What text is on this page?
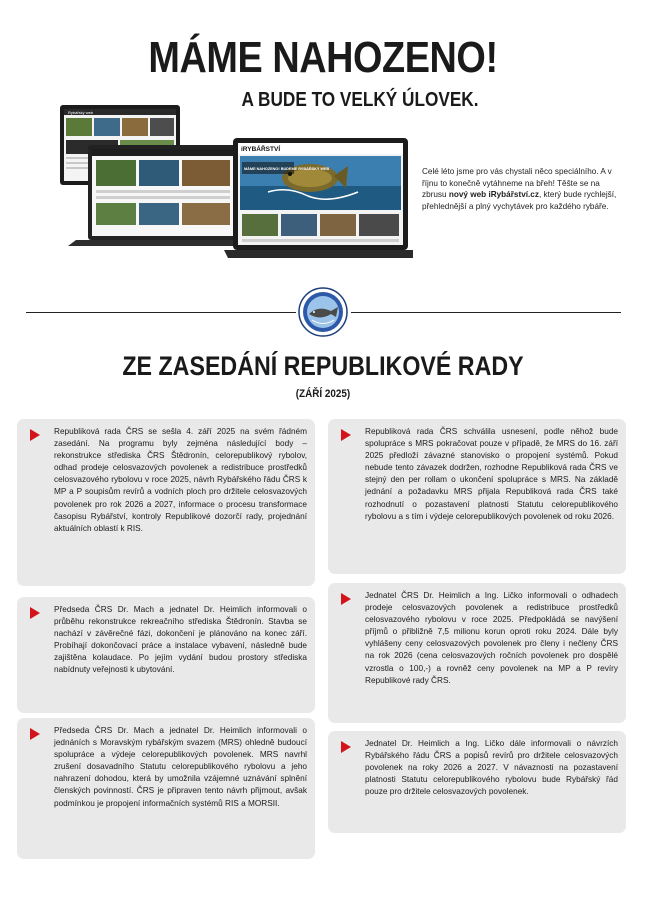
MÁME NAHOZENO!
A BUDE TO VELKÝ ÚLOVEK.
Rybářský web
iRYBÁŘSTVÍ
MÁME NAHOZENO! BUDEME RYBÁŘSKÝ WEB	Celé léto jsme pro vás chystali něco speciálního. A v říjnu to konečně vytáhneme na břeh! Těšte se na zbrusu nový web iRybářství.cz, který bude rychlejší, přehlednější a plný vychytávek pro každého rybáře.

ZE ZASEDÁNÍ REPUBLIKOVÉ RADY

(ZÁŘÍ 2025)

Republiková rada ČRS se sešla 4. září 2025 na svém řádném zasedání. Na programu byly zejména následující body – rekonstrukce střediska ČRS Štědronín, celorepublikový rybolov, odhad prodeje celosvazových povolenek a redistribuce prostředků celosvazového rybolovu v roce 2025, návrh Rybářského řádu ČRS k MP a P soupisům revírů a vodních ploch pro držitele celosvazových povolenek pro rok 2026 a 2027, informace o procesu transformace časopisu Rybářství, kontroly Republikové dozorčí rady, projednání aktuálních oblastí k RIS.

Předseda ČRS Dr. Mach a jednatel Dr. Heimlich informovali o průběhu rekonstrukce rekreačního střediska Štědronín. Stavba se nachází v závěrečné fázi, dokončení je plánováno na konec září. Probíhají dokončovací práce a instalace vybavení, následně bude zajištěna kolaudace. Po jejím vydání budou prostory střediska nabídnuty veřejnosti k ubytování.

Předseda ČRS Dr. Mach a jednatel Dr. Heimlich informovali o jednáních s Moravským rybářským svazem (MRS) ohledně budoucí spolupráce a výdeje celorepublikových povolenek. MRS navrhl zrušení dosavadního Statutu celorepublikového rybolovu a jeho nahrazení dohodou, která by umožnila vzájemné uznávání splnění členských povinností. ČRS je připraven tento návrh přijmout, avšak podmínkou je propojení informačních systémů RIS a MORSII.

Republiková rada ČRS schválila usnesení, podle něhož bude spolupráce s MRS pokračovat pouze v případě, že MRS do 16. září 2025 předloží závazné stanovisko o propojení systémů. Pokud nebude tento závazek dodržen, rozhodne Republiková rada ČRS ve stejný den per rollam o ukončení spolupráce s MRS. Na základě jednání a požadavku MRS přijala Republiková rada ČRS také rozhodnutí o pozastavení platnosti Statutu celorepublikového rybolovu a s tím i výdeje celorepublikových povolenek od roku 2026.

Jednatel ČRS Dr. Heimlich a Ing. Ličko informovali o odhadech prodeje celosvazových povolenek a redistribuce prostředků celosvazového rybolovu v roce 2025. Předpokládá se navýšení příjmů o přibližně 7,5 milionu korun oproti roku 2024. Dále byly vyhlášeny ceny celosvazových povolenek pro členy i nečleny ČRS na rok 2026 (cena celosvazových ročních povolenek pro dospělé vzrostla o 100,-) a rovněž ceny povolenek na MP a P revíry Republikové rady ČRS.

Jednatel Dr. Heimlich a Ing. Ličko dále informovali o návrzích Rybářského řádu ČRS a popisů revírů pro držitele celosvazových povolenek na roky 2026 a 2027. V návaznosti na pozastavení platnosti Statutu celorepublikového rybolovu bude Rybářský řád pouze pro držitele celosvazových povolenek.
